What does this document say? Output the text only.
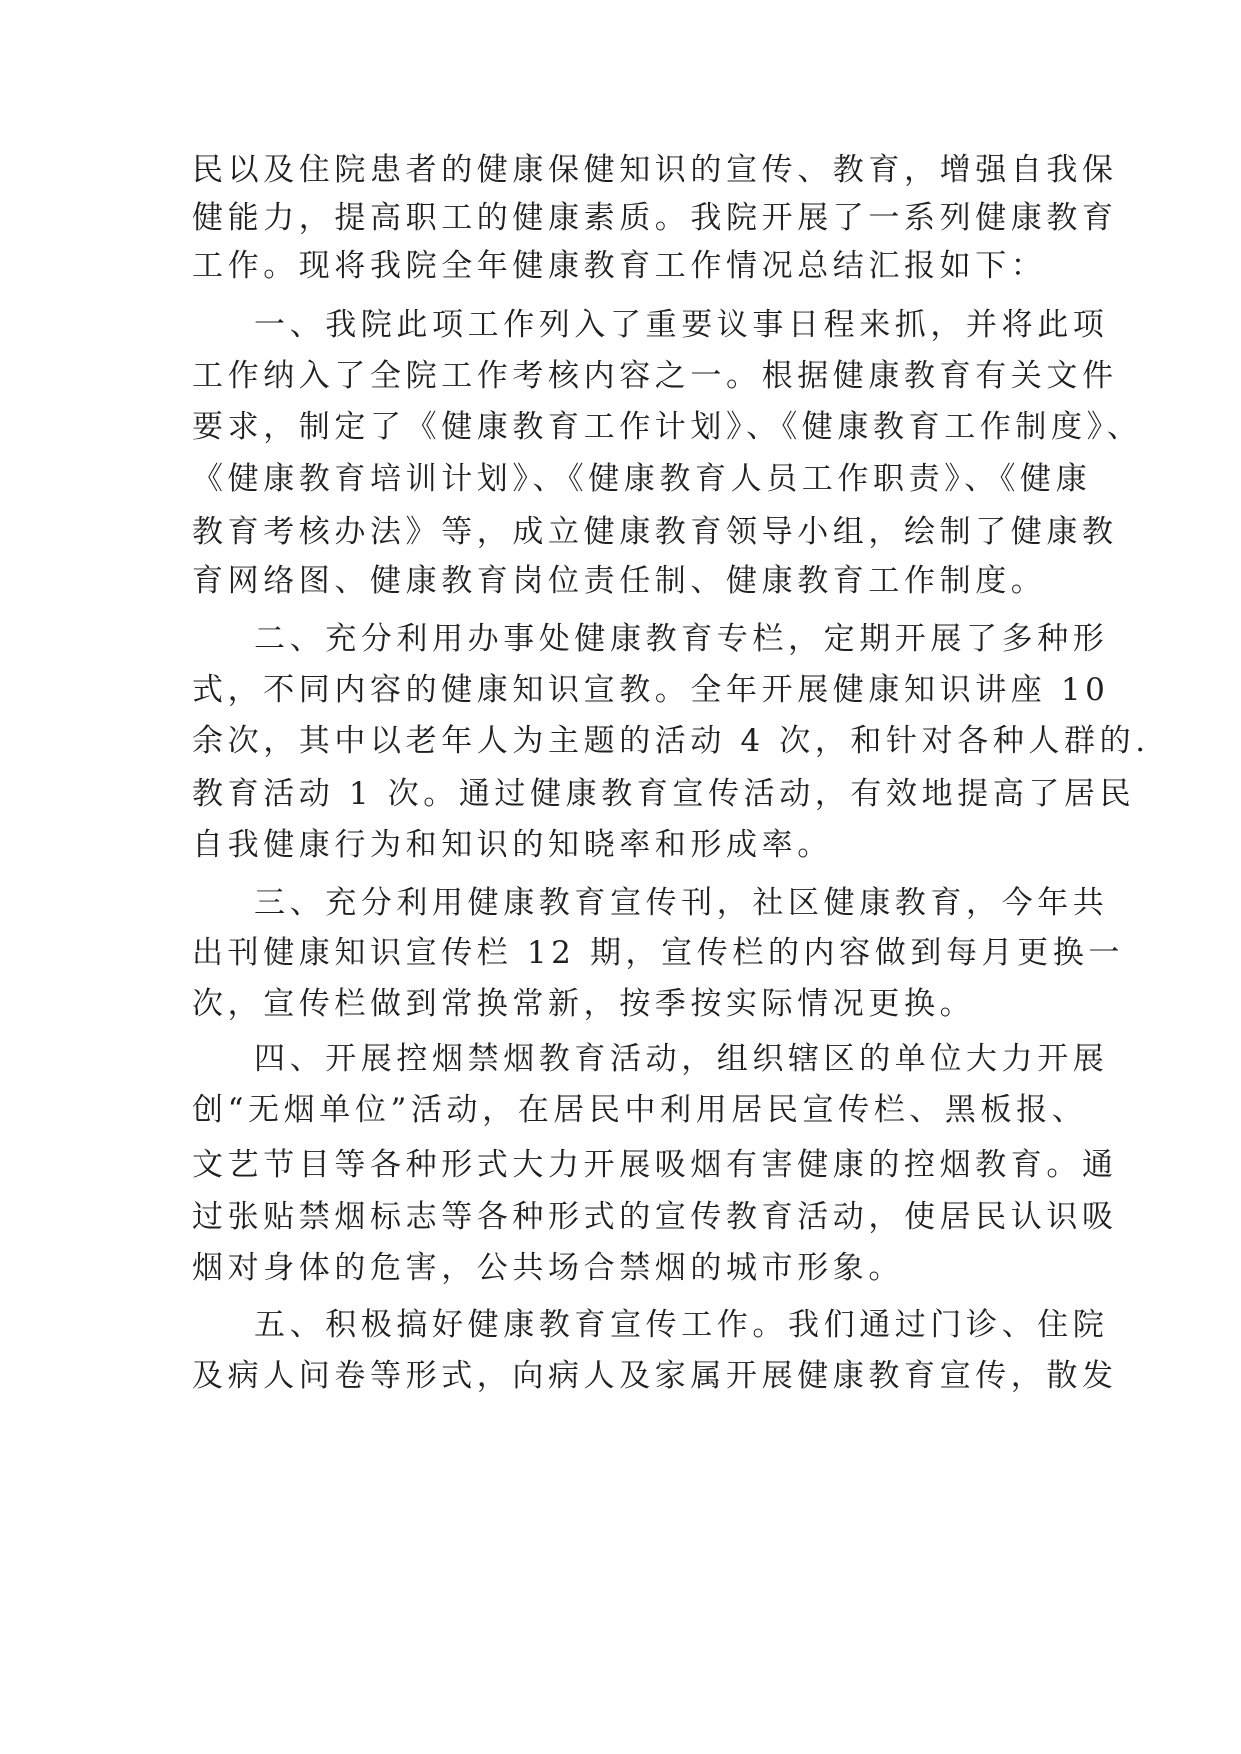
民以及住院患者的健康保健知识的宣传、教育，增强自我保
健能力，提高职工的健康素质。我院开展了一系列健康教育
工作。现将我院全年健康教育工作情况总结汇报如下：
一、我院此项工作列入了重要议事日程来抓，并将此项
工作纳入了全院工作考核内容之一。根据健康教育有关文件
要求，制定了《健康教育工作计划》、《健康教育工作制度》、
《健康教育培训计划》、《健康教育人员工作职责》、《健康
教育考核办法》等，成立健康教育领导小组，绘制了健康教
育网络图、健康教育岗位责任制、健康教育工作制度。
二、充分利用办事处健康教育专栏，定期开展了多种形
式，不同内容的健康知识宣教。全年开展健康知识讲座 10
余次，其中以老年人为主题的活动 4 次，和针对各种人群的.
教育活动 1 次。通过健康教育宣传活动，有效地提高了居民
自我健康行为和知识的知晓率和形成率。
三、充分利用健康教育宣传刊，社区健康教育，今年共
出刊健康知识宣传栏 12 期，宣传栏的内容做到每月更换一
次，宣传栏做到常换常新，按季按实际情况更换。
四、开展控烟禁烟教育活动，组织辖区的单位大力开展
创“无烟单位”活动，在居民中利用居民宣传栏、黑板报、
文艺节目等各种形式大力开展吸烟有害健康的控烟教育。通
过张贴禁烟标志等各种形式的宣传教育活动，使居民认识吸
烟对身体的危害，公共场合禁烟的城市形象。
五、积极搞好健康教育宣传工作。我们通过门诊、住院
及病人问卷等形式，向病人及家属开展健康教育宣传，散发
